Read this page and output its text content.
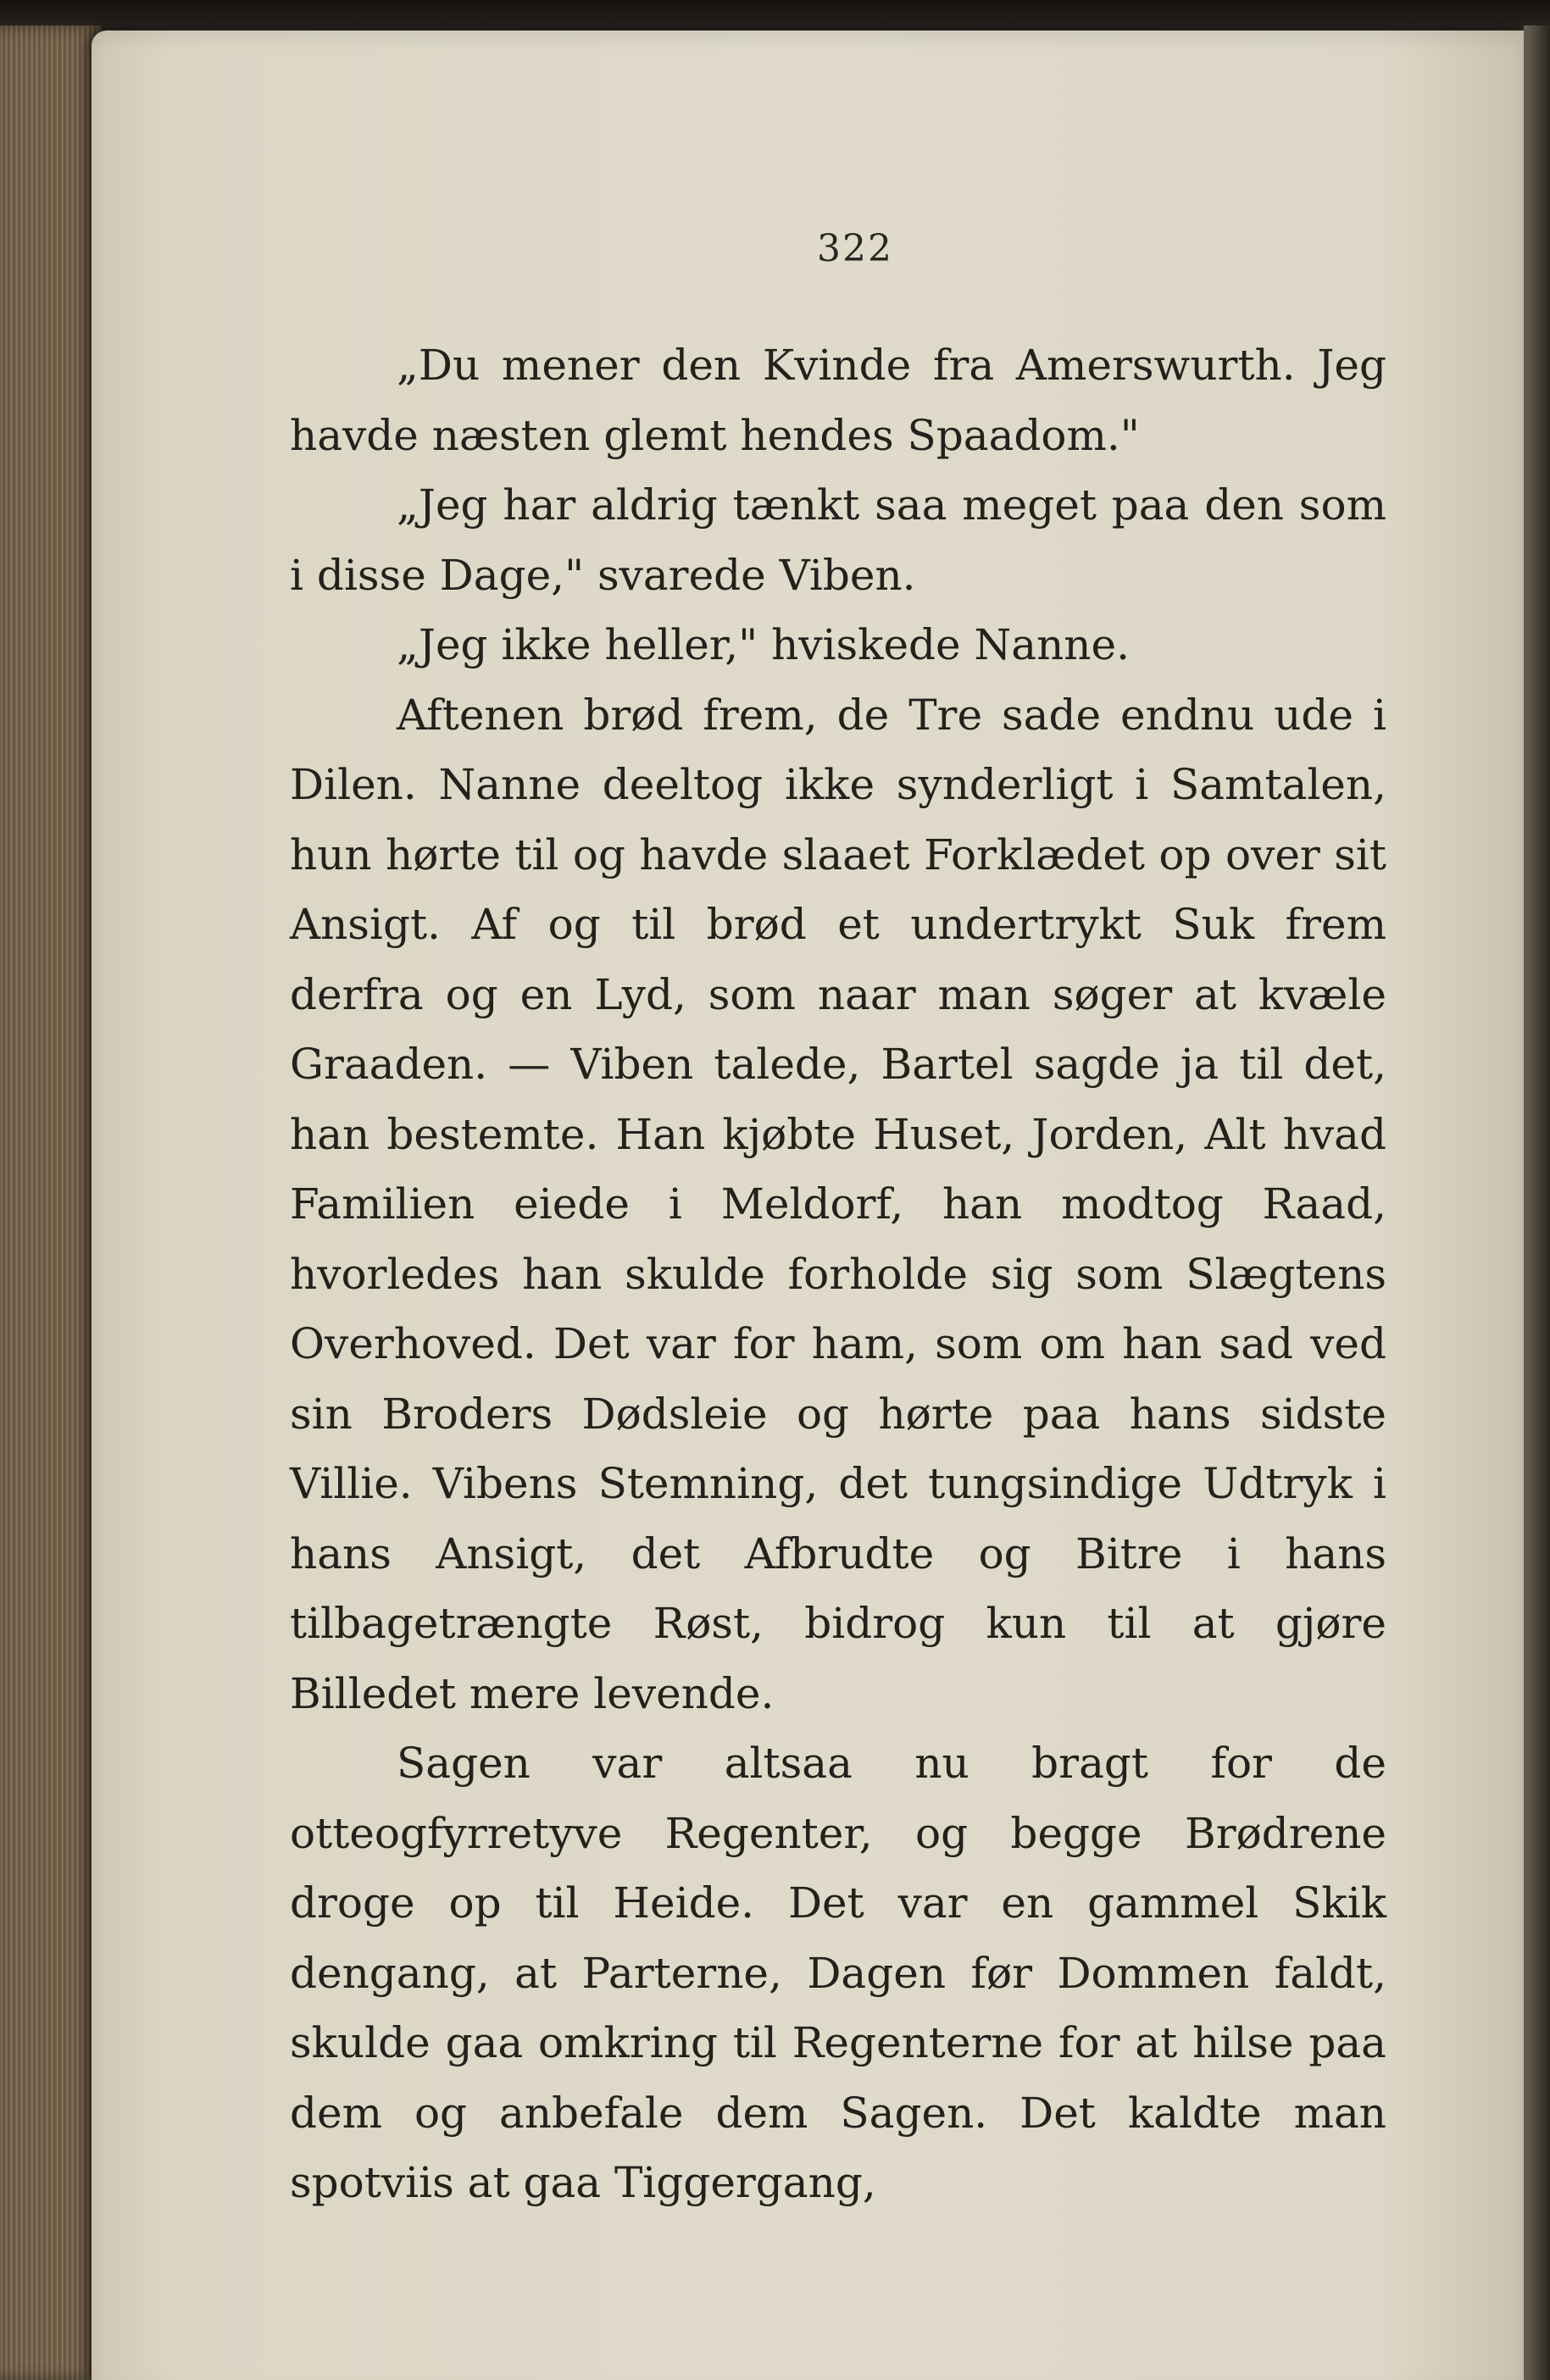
322

„Du mener den Kvinde fra Amerswurth. Jeg havde næsten glemt hendes Spaadom."

„Jeg har aldrig tænkt saa meget paa den som i disse Dage," svarede Viben.

„Jeg ikke heller," hviskede Nanne.

Aftenen brød frem, de Tre sade endnu ude i Dilen. Nanne deeltog ikke synderligt i Samtalen, hun hørte til og havde slaaet Forklædet op over sit Ansigt. Af og til brød et undertrykt Suk frem derfra og en Lyd, som naar man søger at kvæle Graaden. — Viben talede, Bartel sagde ja til det, han bestemte. Han kjøbte Huset, Jorden, Alt hvad Familien eiede i Meldorf, han modtog Raad, hvorledes han skulde forholde sig som Slægtens Overhoved. Det var for ham, som om han sad ved sin Broders Dødsleie og hørte paa hans sidste Villie. Vibens Stemning, det tungsindige Udtryk i hans Ansigt, det Afbrudte og Bitre i hans tilbagetrængte Røst, bidrog kun til at gjøre Billedet mere levende.

Sagen var altsaa nu bragt for de otteogfyrretyve Regenter, og begge Brødrene droge op til Heide. Det var en gammel Skik dengang, at Parterne, Dagen før Dommen faldt, skulde gaa omkring til Regenterne for at hilse paa dem og anbefale dem Sagen. Det kaldte man spotviis at gaa Tiggergang,
